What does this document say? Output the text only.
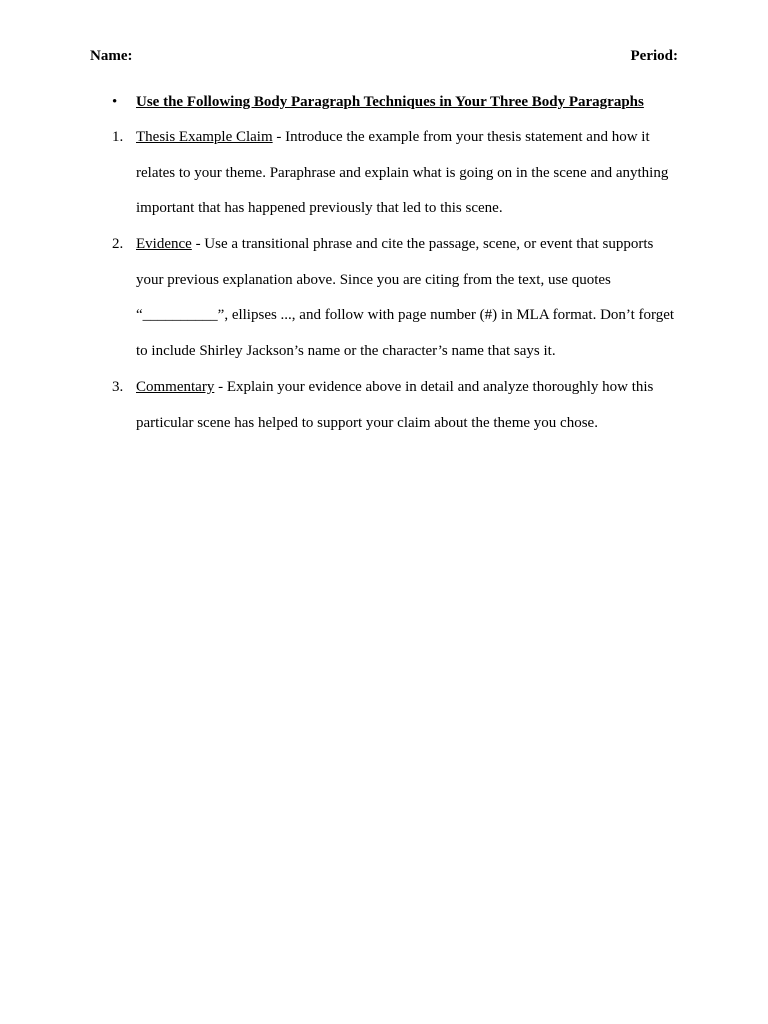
Name:	Period:
• Use the Following Body Paragraph Techniques in Your Three Body Paragraphs
1. Thesis Example Claim - Introduce the example from your thesis statement and how it
relates to your theme. Paraphrase and explain what is going on in the scene and anything
important that has happened previously that led to this scene.
2. Evidence - Use a transitional phrase and cite the passage, scene, or event that supports
your previous explanation above. Since you are citing from the text, use quotes
“__________”, ellipses ..., and follow with page number (#) in MLA format. Don’t forget
to include Shirley Jackson’s name or the character’s name that says it.
3. Commentary - Explain your evidence above in detail and analyze thoroughly how this
particular scene has helped to support your claim about the theme you chose.
